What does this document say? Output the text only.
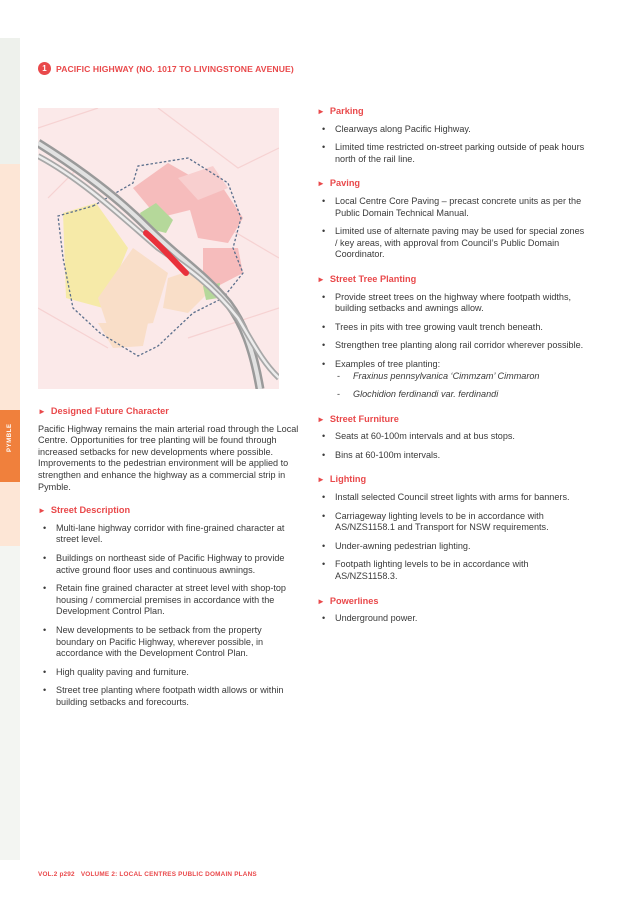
PYMBLE
1	PACIFIC HIGHWAY (NO. 1017 TO LIVINGSTONE AVENUE)
► Designed Future Character

Pacific Highway remains the main arterial road through the Local Centre. Opportunities for tree planting will be found through increased setbacks for new developments where possible. Improvements to the pedestrian environment will be applied to strengthen and enhance the highway as a commercial strip in Pymble.

► Street Description
• Multi-lane highway corridor with fine-grained character at street level.
• Buildings on northeast side of Pacific Highway to provide active ground floor uses and continuous awnings.
• Retain fine grained character at street level with shop-top housing / commercial premises in accordance with the Development Control Plan.
• New developments to be setback from the property boundary on Pacific Highway, wherever possible, in accordance with the Development Control Plan.
• High quality paving and furniture.
• Street tree planting where footpath width allows or within building setbacks and forecourts.
► Parking
• Clearways along Pacific Highway.
• Limited time restricted on-street parking outside of peak hours north of the rail line.
► Paving
• Local Centre Core Paving – precast concrete units as per the Public Domain Technical Manual.
• Limited use of alternate paving may be used for special zones / key areas, with approval from Council’s Public Domain Coordinator.
► Street Tree Planting
• Provide street trees on the highway where footpath widths, building setbacks and awnings allow.
• Trees in pits with tree growing vault trench beneath.
• Strengthen tree planting along rail corridor wherever possible.
• Examples of tree planting:
- Fraxinus pennsylvanica ‘Cimmzam’ Cimmaron
- Glochidion ferdinandi var. ferdinandi
► Street Furniture
• Seats at 60-100m intervals and at bus stops.
• Bins at 60-100m intervals.
► Lighting
• Install selected Council street lights with arms for banners.
• Carriageway lighting levels to be in accordance with AS/NZS1158.1 and Transport for NSW requirements.
• Under-awning pedestrian lighting.
• Footpath lighting levels to be in accordance with AS/NZS1158.3.
► Powerlines
• Underground power.
VOL.2 p292 VOLUME 2: LOCAL CENTRES PUBLIC DOMAIN PLANS
